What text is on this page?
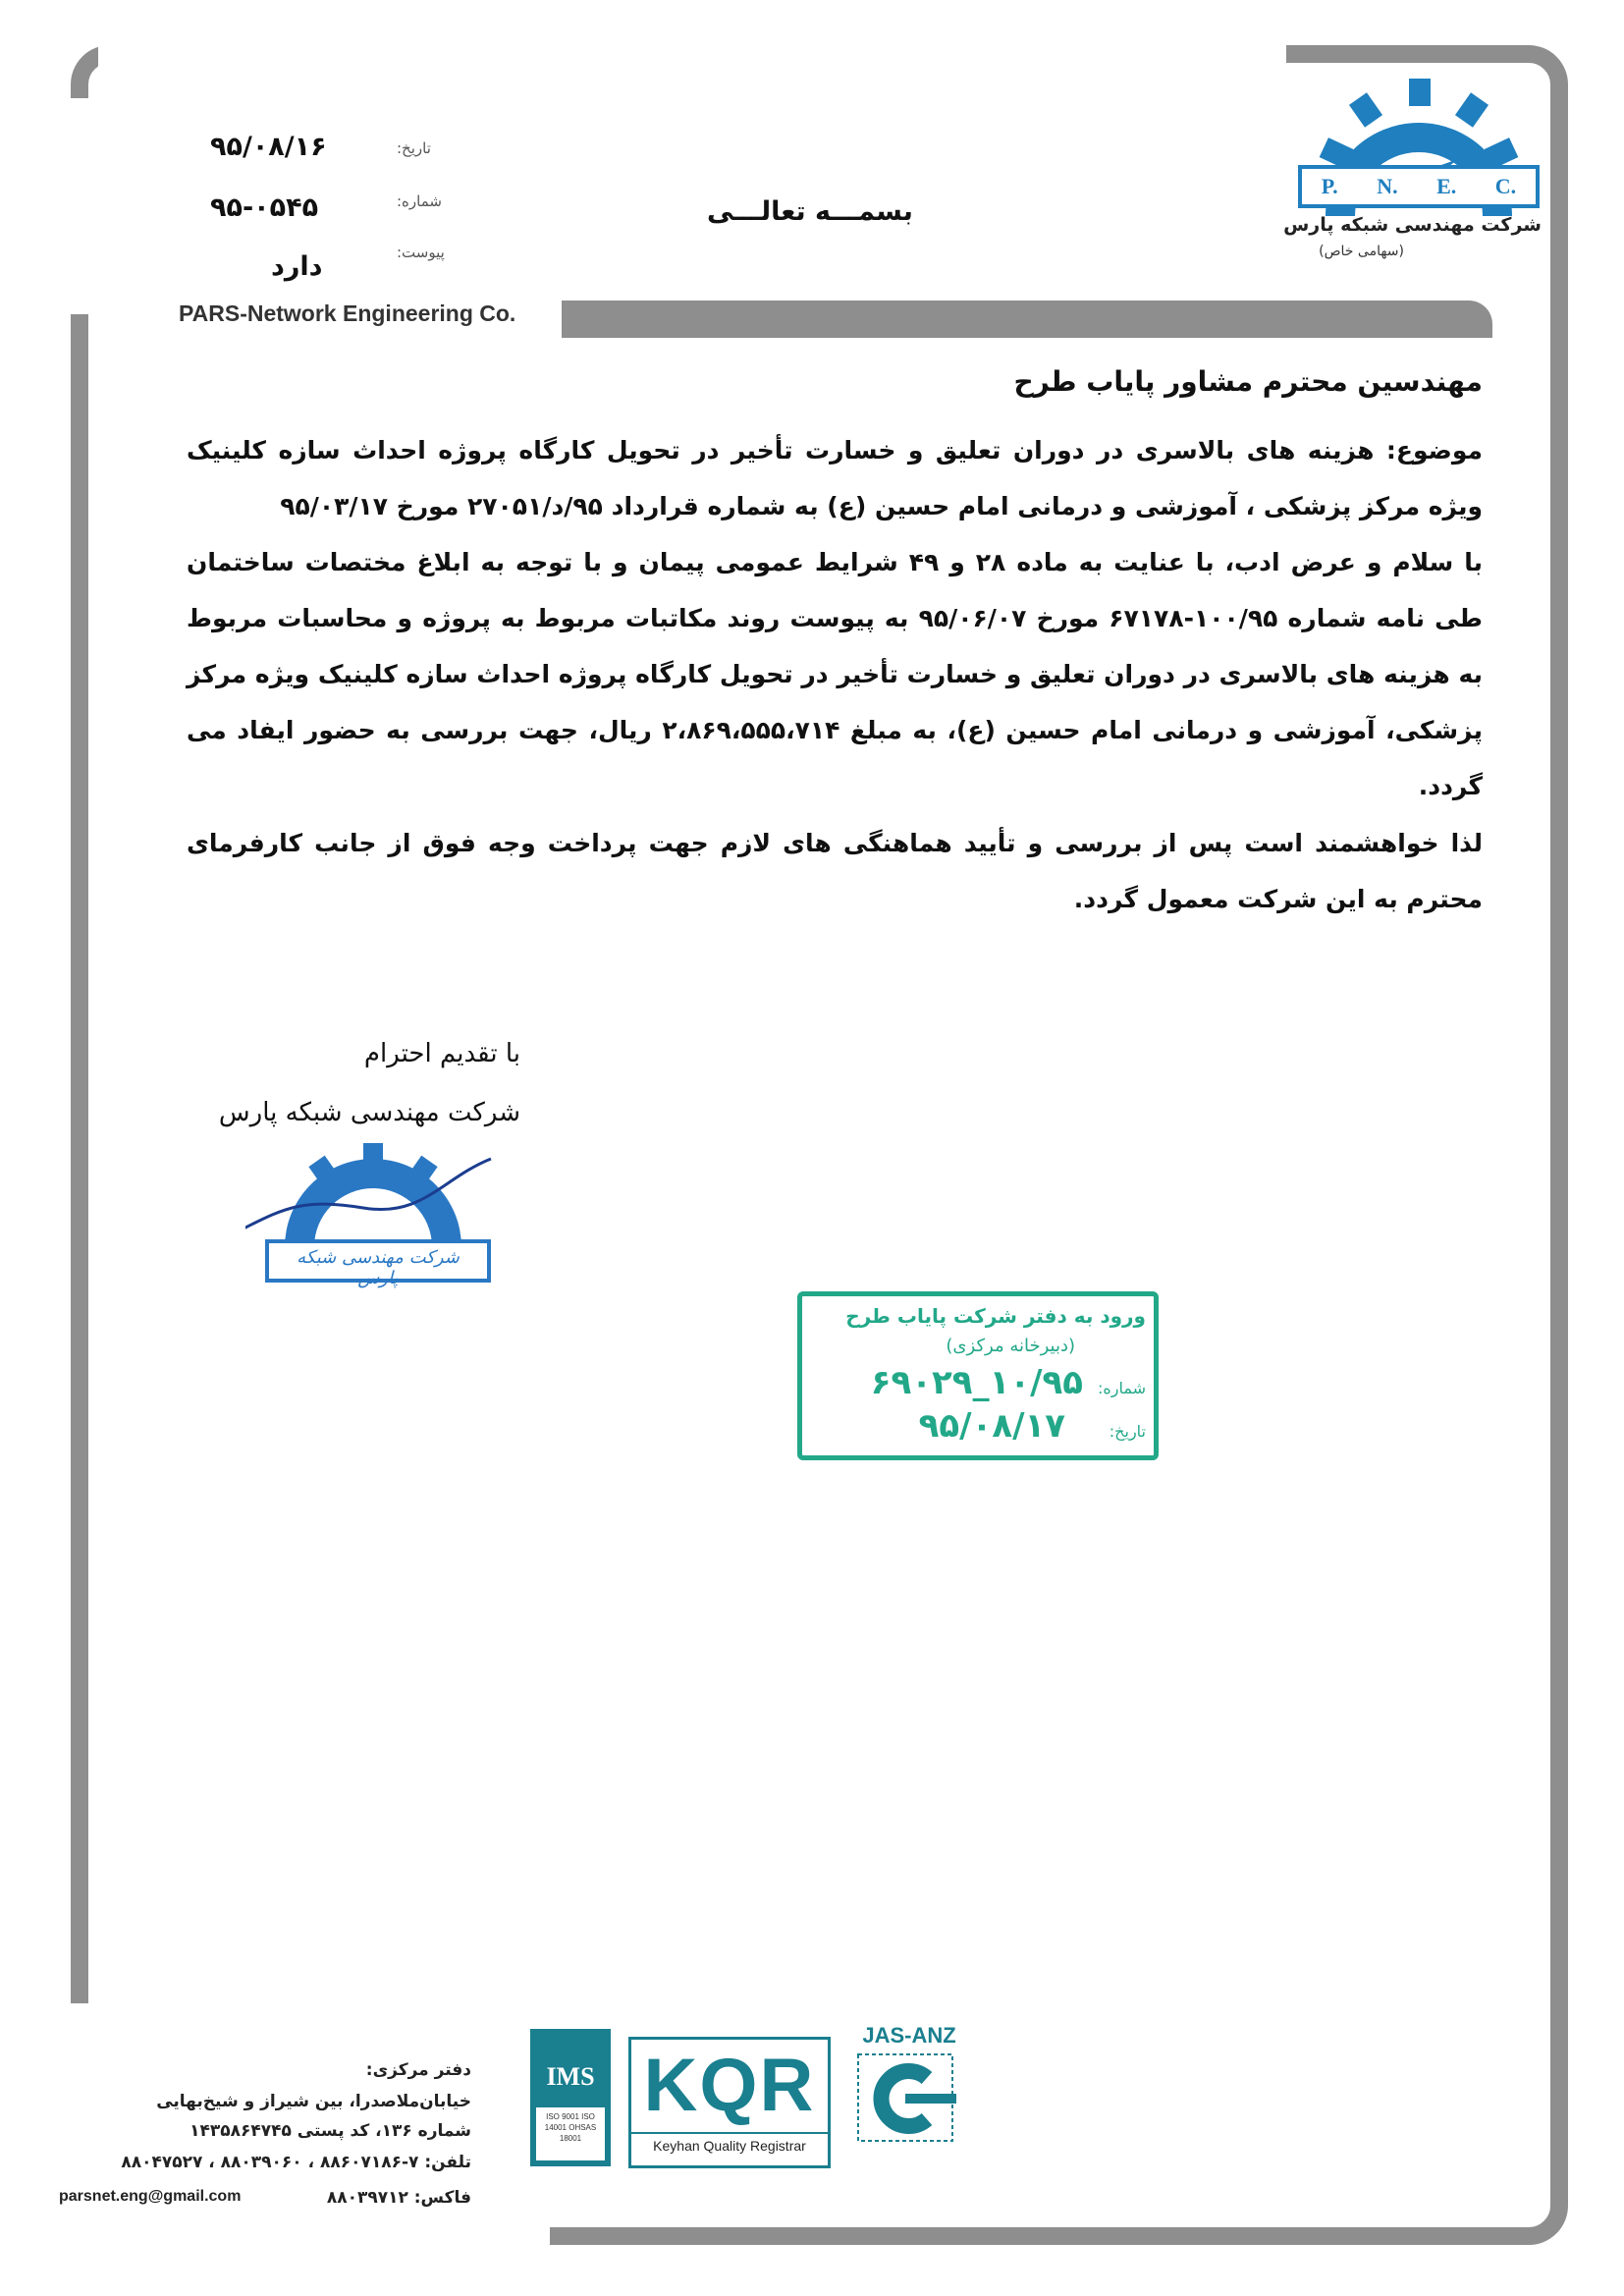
PARS-Network Engineering Co.
تاریخ:
۹۵/۰۸/۱۶
شماره:
۹۵-۰۵۴۵
پیوست:
دارد
بسمـــه تعالـــی
P. N. E. C.
شرکت مهندسی شبکه پارس
(سهامی خاص)
مهندسین محترم مشاور پایاب طرح
موضوع: هزینه های بالاسری در دوران تعلیق و خسارت تأخیر در تحویل کارگاه پروژه احداث سازه کلینیک ویژه مرکز پزشکی ، آموزشی و درمانی امام حسین (ع) به شماره قرارداد ۹۵/د/۲۷۰۵۱ مورخ ۹۵/۰۳/۱۷
با سلام و عرض ادب، با عنایت به ماده ۲۸ و ۴۹ شرایط عمومی پیمان و با توجه به ابلاغ مختصات ساختمان طی نامه شماره ۱۰۰/۹۵-۶۷۱۷۸ مورخ ۹۵/۰۶/۰۷ به پیوست روند مکاتبات مربوط به پروژه و محاسبات مربوط به هزینه های بالاسری در دوران تعلیق و خسارت تأخیر در تحویل کارگاه پروژه احداث سازه کلینیک ویژه مرکز پزشکی، آموزشی و درمانی امام حسین (ع)، به مبلغ ۲،۸۶۹،۵۵۵،۷۱۴ ریال، جهت بررسی به حضور ایفاد می گردد.
لذا خواهشمند است پس از بررسی و تأیید هماهنگی های لازم جهت پرداخت وجه فوق از جانب کارفرمای محترم به این شرکت معمول گردد.
با تقدیم احترام
شرکت مهندسی شبکه پارس
شرکت مهندسی شبکه پارس
ورود به دفتر شرکت پایاب طرح
(دبیرخانه مرکزی)
شماره:
۱۰/۹۵_۶۹۰۲۹
تاریخ:
۹۵/۰۸/۱۷
دفتر مرکزی:
خیابان‌ملاصدرا، بین شیراز و شیخ‌بهایی
شماره ۱۳۶، کد پستی ۱۴۳۵۸۶۴۷۴۵
تلفن: ۷-۸۸۶۰۷۱۸۶ ، ۸۸۰۳۹۰۶۰ ، ۸۸۰۴۷۵۲۷
parsnet.eng@gmail.com	فاکس: ۸۸۰۳۹۷۱۲
IMS
ISO 9001 ISO 14001 OHSAS 18001
KQR
Keyhan Quality Registrar
JAS-ANZ
